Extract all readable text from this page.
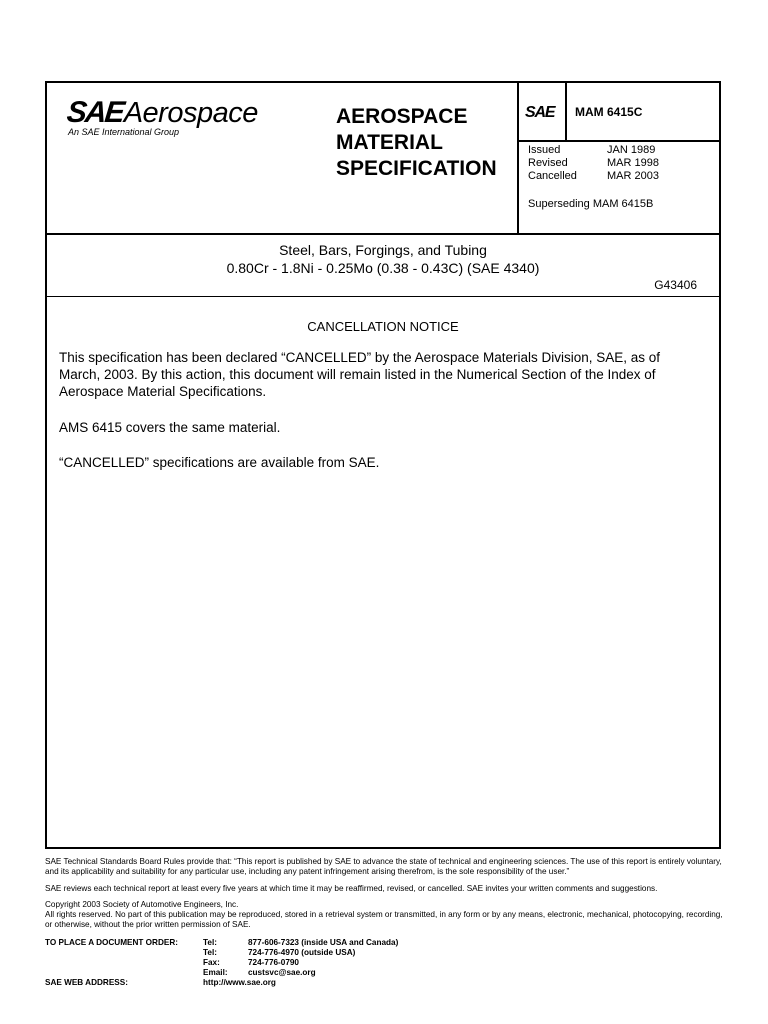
SAEAerospace
An SAE International Group
AEROSPACE
MATERIAL
SPECIFICATION
SAE MAM 6415C
Issued	JAN 1989
Revised	MAR 1998
Cancelled	MAR 2003
Superseding MAM 6415B
Steel, Bars, Forgings, and Tubing
0.80Cr - 1.8Ni - 0.25Mo (0.38 - 0.43C) (SAE 4340)
G43406
CANCELLATION NOTICE
This specification has been declared “CANCELLED” by the Aerospace Materials Division, SAE, as of March, 2003. By this action, this document will remain listed in the Numerical Section of the Index of Aerospace Material Specifications.
AMS 6415 covers the same material.
“CANCELLED” specifications are available from SAE.
SAE Technical Standards Board Rules provide that: “This report is published by SAE to advance the state of technical and engineering sciences. The use of this report is entirely voluntary, and its applicability and suitability for any particular use, including any patent infringement arising therefrom, is the sole responsibility of the user.”
SAE reviews each technical report at least every five years at which time it may be reaffirmed, revised, or cancelled. SAE invites your written comments and suggestions.
Copyright 2003 Society of Automotive Engineers, Inc.
All rights reserved. No part of this publication may be reproduced, stored in a retrieval system or transmitted, in any form or by any means, electronic, mechanical, photocopying, recording, or otherwise, without the prior written permission of SAE.
TO PLACE A DOCUMENT ORDER:	Tel:	877-606-7323 (inside USA and Canada)
Tel:	724-776-4970 (outside USA)
Fax:	724-776-0790
Email:	custsvc@sae.org
SAE WEB ADDRESS:	http://www.sae.org
